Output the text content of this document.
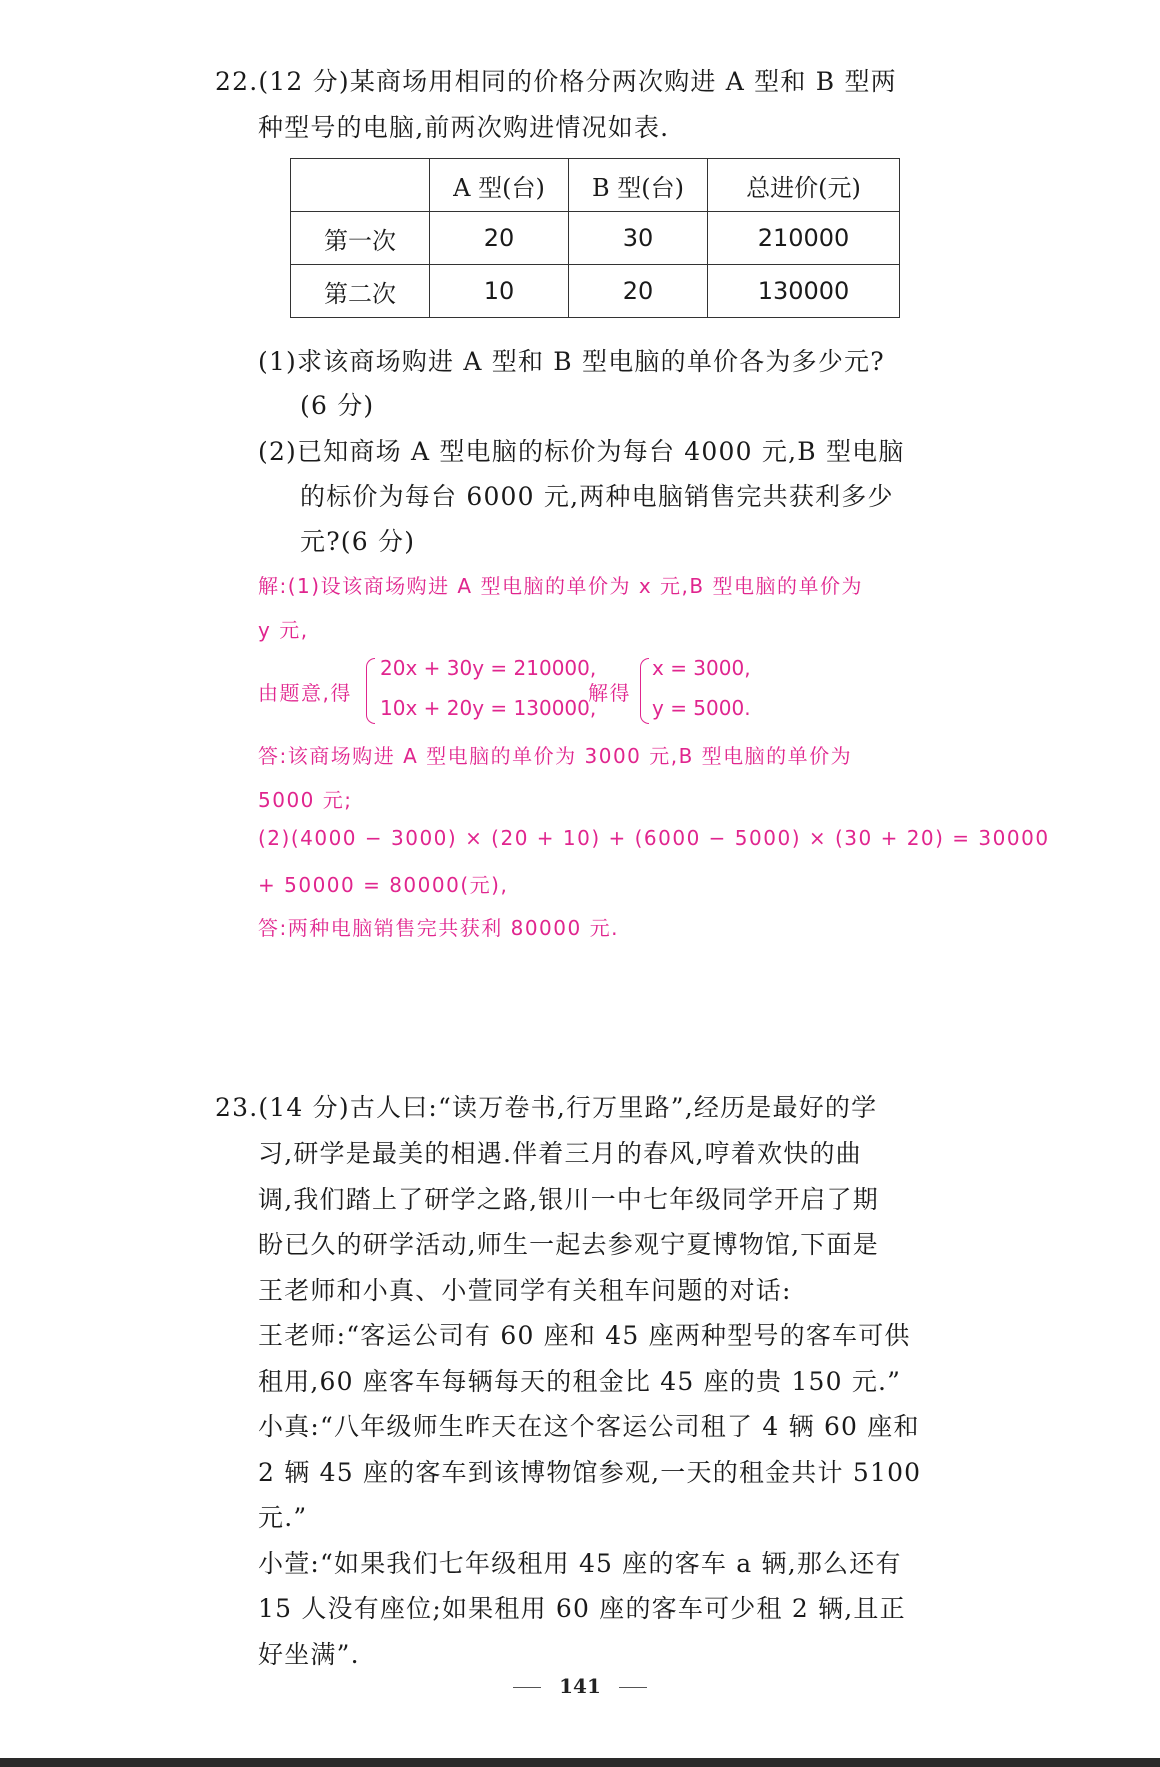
22.(12 分)某商场用相同的价格分两次购进 A 型和 B 型两
种型号的电脑,前两次购进情况如表.
	A 型(台)	B 型(台)	总进价(元)
第一次	20	30	210000
第二次	10	20	130000
(1)求该商场购进 A 型和 B 型电脑的单价各为多少元?
(6 分)
(2)已知商场 A 型电脑的标价为每台 4000 元,B 型电脑
的标价为每台 6000 元,两种电脑销售完共获利多少
元?(6 分)
解:(1)设该商场购进 A 型电脑的单价为 x 元,B 型电脑的单价为
y 元,
由题意,得
20x + 30y = 210000,
10x + 20y = 130000,
解得
x = 3000,
y = 5000.
答:该商场购进 A 型电脑的单价为 3000 元,B 型电脑的单价为
5000 元;
(2)(4000 − 3000) × (20 + 10) + (6000 − 5000) × (30 + 20) = 30000
+ 50000 = 80000(元),
答:两种电脑销售完共获利 80000 元.
23.(14 分)古人曰:“读万卷书,行万里路”,经历是最好的学
习,研学是最美的相遇.伴着三月的春风,哼着欢快的曲
调,我们踏上了研学之路,银川一中七年级同学开启了期
盼已久的研学活动,师生一起去参观宁夏博物馆,下面是
王老师和小真、小萱同学有关租车问题的对话:
王老师:“客运公司有 60 座和 45 座两种型号的客车可供
租用,60 座客车每辆每天的租金比 45 座的贵 150 元.”
小真:“八年级师生昨天在这个客运公司租了 4 辆 60 座和
2 辆 45 座的客车到该博物馆参观,一天的租金共计 5100
元.”
小萱:“如果我们七年级租用 45 座的客车 a 辆,那么还有
15 人没有座位;如果租用 60 座的客车可少租 2 辆,且正
好坐满”.
141
